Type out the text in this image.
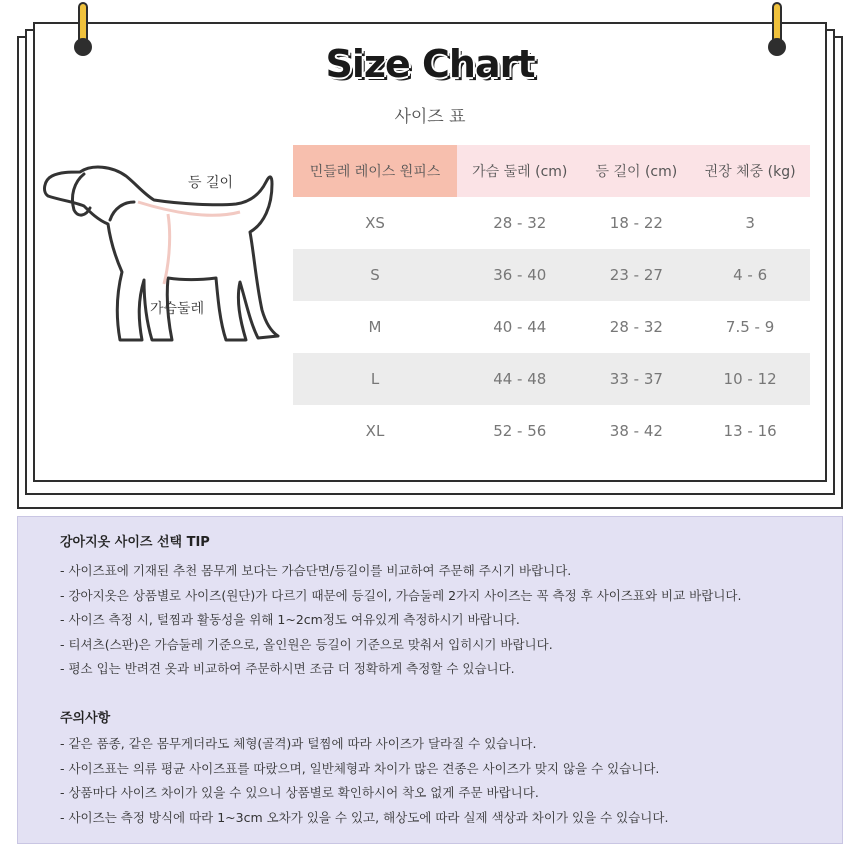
Size Chart
사이즈 표
등 길이
가슴둘레
민들레 레이스 원피스	가슴 둘레 (cm)	등 길이 (cm)	권장 체중 (kg)
XS	28 - 32	18 - 22	3
S	36 - 40	23 - 27	4 - 6
M	40 - 44	28 - 32	7.5 - 9
L	44 - 48	33 - 37	10 - 12
XL	52 - 56	38 - 42	13 - 16
강아지옷 사이즈 선택 TIP
- 사이즈표에 기재된 추천 몸무게 보다는 가슴단면/등길이를 비교하여 주문해 주시기 바랍니다.
- 강아지옷은 상품별로 사이즈(원단)가 다르기 때문에 등길이, 가슴둘레 2가지 사이즈는 꼭 측정 후 사이즈표와 비교 바랍니다.
- 사이즈 측정 시, 털찜과 활동성을 위해 1~2cm정도 여유있게 측정하시기 바랍니다.
- 티셔츠(스판)은 가슴둘레 기준으로, 올인원은 등길이 기준으로 맞춰서 입히시기 바랍니다.
- 평소 입는 반려견 옷과 비교하여 주문하시면 조금 더 정확하게 측정할 수 있습니다.
주의사항
- 같은 품종, 같은 몸무게더라도 체형(골격)과 털찜에 따라 사이즈가 달라질 수 있습니다.
- 사이즈표는 의류 평균 사이즈표를 따랐으며, 일반체형과 차이가 많은 견종은 사이즈가 맞지 않을 수 있습니다.
- 상품마다 사이즈 차이가 있을 수 있으니 상품별로 확인하시어 착오 없게 주문 바랍니다.
- 사이즈는 측정 방식에 따라 1~3cm 오차가 있을 수 있고, 해상도에 따라 실제 색상과 차이가 있을 수 있습니다.
